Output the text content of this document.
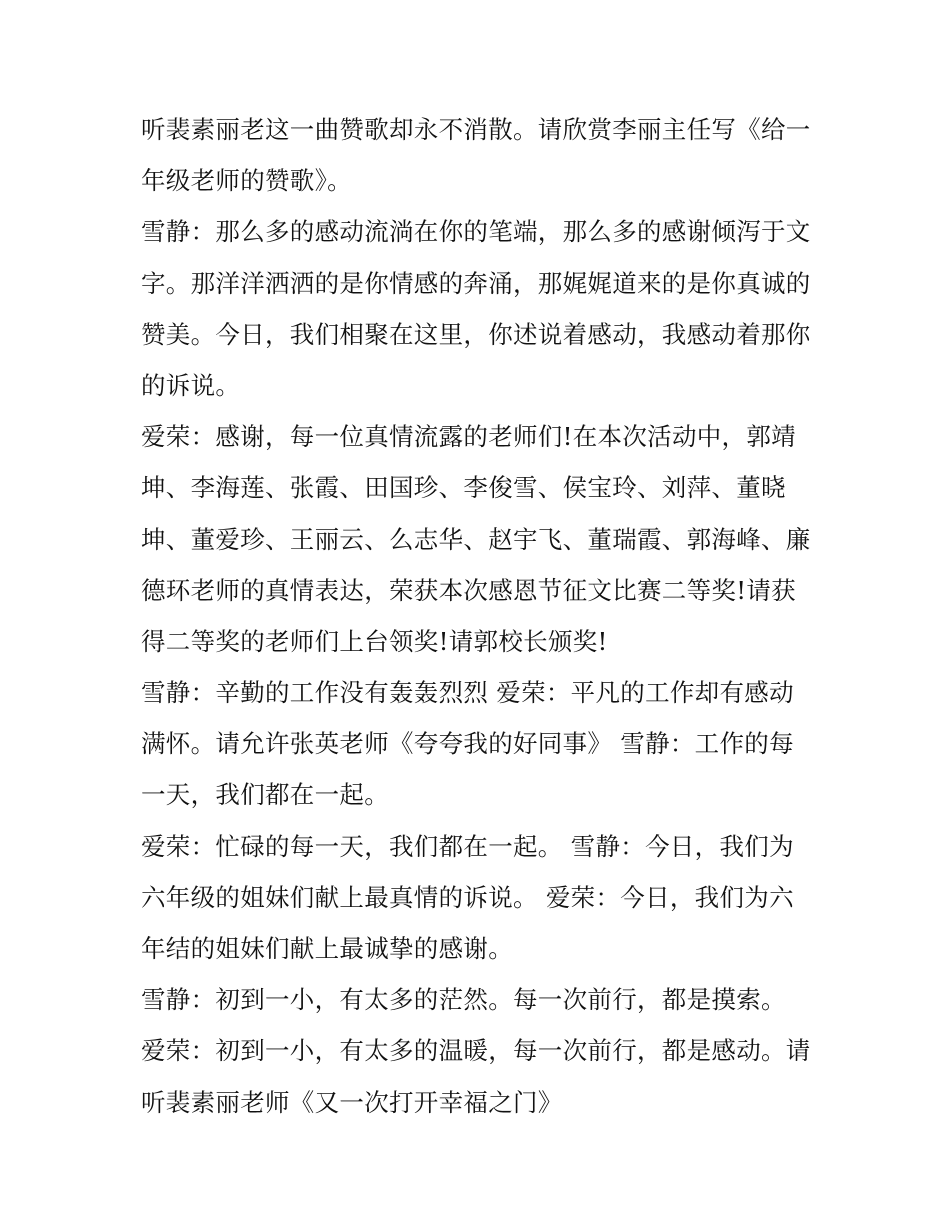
听裴素丽老这一曲赞歌却永不消散。请欣赏李丽主任写《给一
年级老师的赞歌》。
雪静：那么多的感动流淌在你的笔端，那么多的感谢倾泻于文
字。那洋洋洒洒的是你情感的奔涌，那娓娓道来的是你真诚的
赞美。今日，我们相聚在这里，你述说着感动，我感动着那你
的诉说。
爱荣：感谢，每一位真情流露的老师们!在本次活动中，郭靖
坤、李海莲、张霞、田国珍、李俊雪、侯宝玲、刘萍、董晓
坤、董爱珍、王丽云、么志华、赵宇飞、董瑞霞、郭海峰、廉
德环老师的真情表达，荣获本次感恩节征文比赛二等奖!请获
得二等奖的老师们上台领奖!请郭校长颁奖!
雪静：辛勤的工作没有轰轰烈烈 爱荣：平凡的工作却有感动
满怀。请允许张英老师《夸夸我的好同事》 雪静：工作的每
一天，我们都在一起。
爱荣：忙碌的每一天，我们都在一起。 雪静：今日，我们为
六年级的姐妹们献上最真情的诉说。 爱荣：今日，我们为六
年结的姐妹们献上最诚挚的感谢。
雪静：初到一小，有太多的茫然。每一次前行，都是摸索。
爱荣：初到一小，有太多的温暖，每一次前行，都是感动。请
听裴素丽老师《又一次打开幸福之门》
